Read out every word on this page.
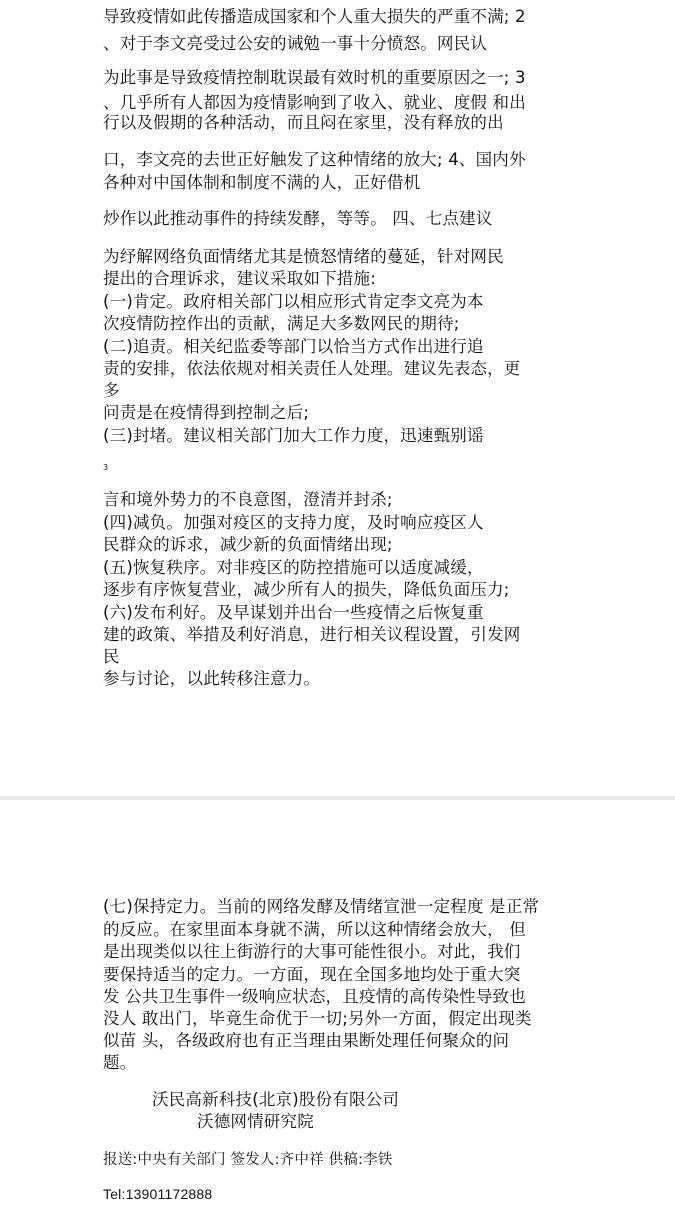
导致疫情如此传播造成国家和个人重大损失的严重不满; 2
、对于李文亮受过公安的诫勉一事十分愤怒。网民认
为此事是导致疫情控制耽误最有效时机的重要原因之一; 3
、几乎所有人都因为疫情影响到了收入、就业、度假 和出
行以及假期的各种活动，而且闷在家里，没有释放的出
口，李文亮的去世正好触发了这种情绪的放大; 4、国内外
各种对中国体制和制度不满的人，正好借机
炒作以此推动事件的持续发酵，等等。 四、七点建议
为纾解网络负面情绪尤其是愤怒情绪的蔓延，针对网民
提出的合理诉求，建议采取如下措施:
(一)肯定。政府相关部门以相应形式肯定李文亮为本
次疫情防控作出的贡献，满足大多数网民的期待;
(二)追责。相关纪监委等部门以恰当方式作出进行追
责的安排，依法依规对相关责任人处理。建议先表态，更
多
问责是在疫情得到控制之后;
(三)封堵。建议相关部门加大工作力度，迅速甄别谣
3
言和境外势力的不良意图，澄清并封杀;
(四)减负。加强对疫区的支持力度，及时响应疫区人
民群众的诉求，减少新的负面情绪出现;
(五)恢复秩序。对非疫区的防控措施可以适度减缓，
逐步有序恢复营业，减少所有人的损失，降低负面压力;
(六)发布利好。及早谋划并出台一些疫情之后恢复重
建的政策、举措及利好消息，进行相关议程设置，引发网
民
参与讨论，以此转移注意力。
(七)保持定力。当前的网络发酵及情绪宣泄一定程度 是正常
的反应。在家里面本身就不满，所以这种情绪会放大， 但
是出现类似以往上街游行的大事可能性很小。对此，我们
要保持适当的定力。一方面，现在全国多地均处于重大突
发 公共卫生事件一级响应状态，且疫情的高传染性导致也
没人 敢出门，毕竟生命优于一切;另外一方面，假定出现类
似苗 头，各级政府也有正当理由果断处理任何聚众的问
题。
沃民高新科技(北京)股份有限公司
沃德网情研究院
报送:中央有关部门 签发人:齐中祥 供稿:李铁
Tel:13901172888
